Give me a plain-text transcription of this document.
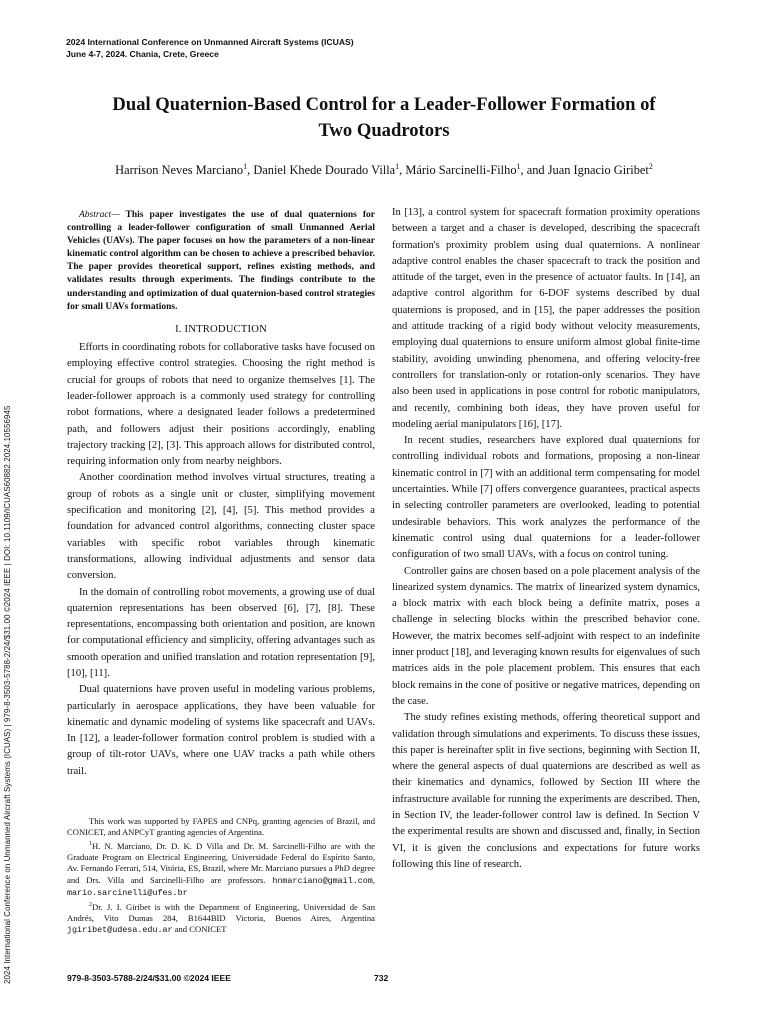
2024 International Conference on Unmanned Aircraft Systems (ICUAS)
June 4-7, 2024. Chania, Crete, Greece
2024 International Conference on Unmanned Aircraft Systems (ICUAS) | 979-8-3503-5788-2/24/$31.00 ©2024 IEEE | DOI: 10.1109/ICUAS60882.2024.10556945
Dual Quaternion-Based Control for a Leader-Follower Formation of
Two Quadrotors
Harrison Neves Marciano$^1$, Daniel Khede Dourado Villa$^1$, Mário Sarcinelli-Filho$^1$, and Juan Ignacio Giribet$^2$

Abstract— This paper investigates the use of dual quaternions for controlling a leader-follower configuration of small Unmanned Aerial Vehicles (UAVs). The paper focuses on how the parameters of a non-linear kinematic control algorithm can be chosen to achieve a prescribed behavior. The paper provides theoretical support, refines existing methods, and validates results through experiments. The findings contribute to the understanding and optimization of dual quaternion-based control strategies for small UAVs formations.

I. INTRODUCTION

Efforts in coordinating robots for collaborative tasks have focused on employing effective control strategies. Choosing the right method is crucial for groups of robots that need to organize themselves [1]. The leader-follower approach is a commonly used strategy for controlling robot formations, where a designated leader follows a predetermined path, and followers adjust their positions accordingly, enabling trajectory tracking [2], [3]. This approach allows for distributed control, requiring information only from nearby neighbors.

Another coordination method involves virtual structures, treating a group of robots as a single unit or cluster, simplifying movement specification and monitoring [2], [4], [5]. This method provides a foundation for advanced control algorithms, connecting cluster space variables with specific robot variables through kinematic transformations, allowing individual adjustments and sensor data conversion.

In the domain of controlling robot movements, a growing use of dual quaternion representations has been observed [6], [7], [8]. These representations, encompassing both orientation and position, are known for computational efficiency and simplicity, offering advantages such as smooth operation and unified translation and rotation representation [9], [10], [11].

Dual quaternions have proven useful in modeling various problems, particularly in aerospace applications, they have been valuable for kinematic and dynamic modeling of systems like spacecraft and UAVs. In [12], a leader-follower formation control problem is studied with a group of tilt-rotor UAVs, where one UAV tracks a path while others trail.

This work was supported by FAPES and CNPq, granting agencies of Brazil, and CONICET, and ANPCyT granting agencies of Argentina.

$^1$H. N. Marciano, Dr. D. K. D Villa and Dr. M. Sarcinelli-Filho are with the Graduate Program on Electrical Engineering, Universidade Federal do Espírito Santo, Av. Fernando Ferrari, 514, Vitória, ES, Brazil, where Mr. Marciano pursues a PhD degree and Drs. Villa and Sarcinelli-Filho are professors. hnmarciano@gmail.com, mario.sarcinelli@ufes.br

$^2$Dr. J. I. Giribet is with the Department of Engineering, Universidad de San Andrés, Vito Dumas 284, B1644BID Victoria, Buenos Aires, Argentina jgiribet@udesa.edu.ar and CONICET

In [13], a control system for spacecraft formation proximity operations between a target and a chaser is developed, describing the spacecraft formation's proximity problem using dual quaternions. A nonlinear adaptive control enables the chaser spacecraft to track the position and attitude of the target, even in the presence of actuator faults. In [14], an adaptive control algorithm for 6-DOF systems described by dual quaternions is proposed, and in [15], the paper addresses the position and attitude tracking of a rigid body without velocity measurements, employing dual quaternions to ensure uniform almost global finite-time stability, avoiding unwinding phenomena, and offering velocity-free controllers for translation-only or rotation-only scenarios. They have also been used in applications in pose control for robotic manipulators, and recently, combining both ideas, they have proven useful for modeling aerial manipulators [16], [17].

In recent studies, researchers have explored dual quaternions for controlling individual robots and formations, proposing a non-linear kinematic control in [7] with an additional term compensating for model uncertainties. While [7] offers convergence guarantees, practical aspects in selecting controller parameters are overlooked, leading to potential undesirable behaviors. This work analyzes the performance of the kinematic control using dual quaternions for a leader-follower configuration of two small UAVs, with a focus on control tuning.

Controller gains are chosen based on a pole placement analysis of the linearized system dynamics. The matrix of linearized system dynamics, a block matrix with each block being a definite matrix, poses a challenge in selecting blocks within the prescribed behavior cone. However, the matrix becomes self-adjoint with respect to an indefinite inner product [18], and leveraging known results for eigenvalues of such matrices aids in the pole placement problem. This ensures that each block remains in the cone of positive or negative matrices, depending on the case.

The study refines existing methods, offering theoretical support and validation through simulations and experiments. To discuss these issues, this paper is hereinafter split in five sections, beginning with Section II, where the general aspects of dual quaternions are described as well as their kinematics and dynamics, followed by Section III where the infrastructure available for running the experiments are described. Then, in Section IV, the leader-follower control law is defined. In Section V the experimental results are shown and discussed and, finally, in Section VI, it is given the conclusions and expectations for future works following this line of research.

979-8-3503-5788-2/24/$31.00 ©2024 IEEE	732
